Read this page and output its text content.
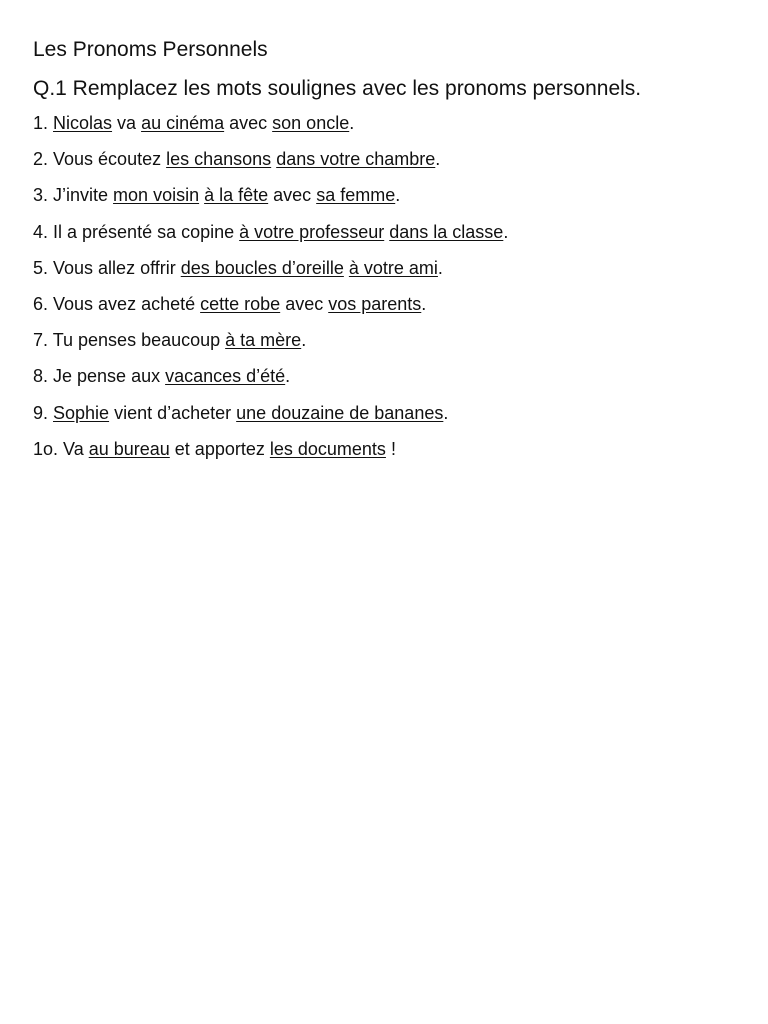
Les Pronoms Personnels
Q.1 Remplacez les mots soulignes avec les pronoms personnels.
1. Nicolas va au cinéma avec son oncle.
2. Vous écoutez les chansons dans votre chambre.
3. J’invite mon voisin à la fête avec sa femme.
4. Il a présenté sa copine à votre professeur dans la classe.
5. Vous allez offrir des boucles d’oreille à votre ami.
6. Vous avez acheté cette robe avec vos parents.
7. Tu penses beaucoup à ta mère.
8. Je pense aux vacances d’été.
9. Sophie vient d’acheter une douzaine de bananes.
1o. Va au bureau et apportez les documents !
